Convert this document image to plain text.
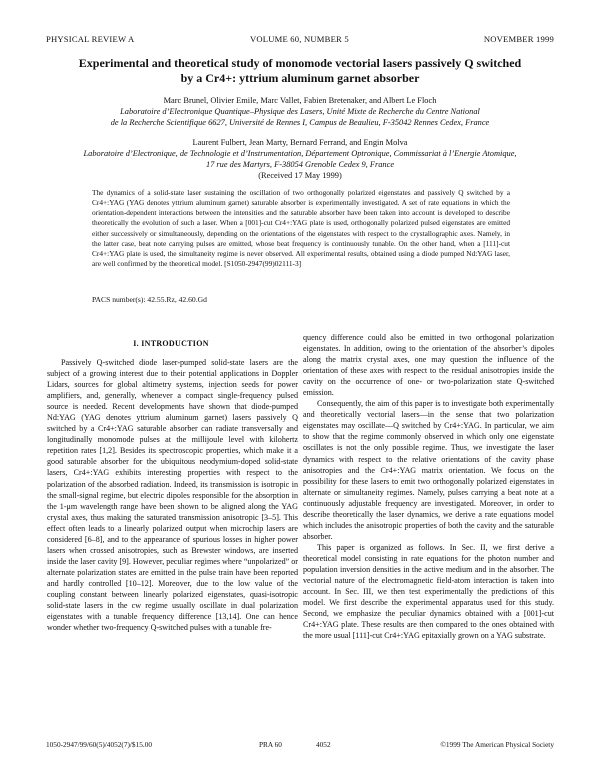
PHYSICAL REVIEW A	VOLUME 60, NUMBER 5	NOVEMBER 1999
Experimental and theoretical study of monomode vectorial lasers passively Q switched
by a Cr4+: yttrium aluminum garnet absorber
Marc Brunel, Olivier Emile, Marc Vallet, Fabien Bretenaker, and Albert Le Floch
Laboratoire d’Electronique Quantique–Physique des Lasers, Unité Mixte de Recherche du Centre National
de la Recherche Scientifique 6627, Université de Rennes I, Campus de Beaulieu, F-35042 Rennes Cedex, France
Laurent Fulbert, Jean Marty, Bernard Ferrand, and Engin Molva
Laboratoire d’Electronique, de Technologie et d’Instrumentation, Département Optronique, Commissariat à l’Energie Atomique,
17 rue des Martyrs, F-38054 Grenoble Cedex 9, France
(Received 17 May 1999)
The dynamics of a solid-state laser sustaining the oscillation of two orthogonally polarized eigenstates and passively Q switched by a Cr4+:YAG (YAG denotes yttrium aluminum garnet) saturable absorber is experimentally investigated. A set of rate equations in which the orientation-dependent interactions between the intensities and the saturable absorber have been taken into account is developed to describe theoretically the evolution of such a laser. When a [001]-cut Cr4+:YAG plate is used, orthogonally polarized pulsed eigenstates are emitted either successively or simultaneously, depending on the orientations of the eigenstates with respect to the crystallographic axes. Namely, in the latter case, beat note carrying pulses are emitted, whose beat frequency is continuously tunable. On the other hand, when a [111]-cut Cr4+:YAG plate is used, the simultaneity regime is never observed. All experimental results, obtained using a diode pumped Nd:YAG laser, are well confirmed by the theoretical model. [S1050-2947(99)02111-3]
PACS number(s): 42.55.Rz, 42.60.Gd
I. INTRODUCTION

Passively Q-switched diode laser-pumped solid-state lasers are the subject of a growing interest due to their potential applications in Doppler Lidars, sources for global altimetry systems, injection seeds for power amplifiers, and, generally, whenever a compact single-frequency pulsed source is needed. Recent developments have shown that diode-pumped Nd:YAG (YAG denotes yttrium aluminum garnet) lasers passively Q switched by a Cr4+:YAG saturable absorber can radiate transversally and longitudinally monomode pulses at the millijoule level with kilohertz repetition rates [1,2]. Besides its spectroscopic properties, which make it a good saturable absorber for the ubiquitous neodymium-doped solid-state lasers, Cr4+:YAG exhibits interesting properties with respect to the polarization of the absorbed radiation. Indeed, its transmission is isotropic in the small-signal regime, but electric dipoles responsible for the absorption in the 1-μm wavelength range have been shown to be aligned along the YAG crystal axes, thus making the saturated transmission anisotropic [3–5]. This effect often leads to a linearly polarized output when microchip lasers are considered [6–8], and to the appearance of spurious losses in higher power lasers when crossed anisotropies, such as Brewster windows, are inserted inside the laser cavity [9]. However, peculiar regimes where “unpolarized” or alternate polarization states are emitted in the pulse train have been reported and hardly controlled [10–12]. Moreover, due to the low value of the coupling constant between linearly polarized eigenstates, quasi-isotropic solid-state lasers in the cw regime usually oscillate in dual polarization eigenstates with a tunable frequency difference [13,14]. One can hence wonder whether two-frequency Q-switched pulses with a tunable fre-

quency difference could also be emitted in two orthogonal polarization eigenstates. In addition, owing to the orientation of the absorber’s dipoles along the matrix crystal axes, one may question the influence of the orientation of these axes with respect to the residual anisotropies inside the cavity on the occurrence of one- or two-polarization state Q-switched emission.

Consequently, the aim of this paper is to investigate both experimentally and theoretically vectorial lasers—in the sense that two polarization eigenstates may oscillate—Q switched by Cr4+:YAG. In particular, we aim to show that the regime commonly observed in which only one eigenstate oscillates is not the only possible regime. Thus, we investigate the laser dynamics with respect to the relative orientations of the cavity phase anisotropies and the Cr4+:YAG matrix orientation. We focus on the possibility for these lasers to emit two orthogonally polarized eigenstates in alternate or simultaneity regimes. Namely, pulses carrying a beat note at a continuously adjustable frequency are investigated. Moreover, in order to describe theoretically the laser dynamics, we derive a rate equations model which includes the anisotropic properties of both the cavity and the saturable absorber.

This paper is organized as follows. In Sec. II, we first derive a theoretical model consisting in rate equations for the photon number and population inversion densities in the active medium and in the absorber. The vectorial nature of the electromagnetic field-atom interaction is taken into account. In Sec. III, we then test experimentally the predictions of this model. We first describe the experimental apparatus used for this study. Second, we emphasize the peculiar dynamics obtained with a [001]-cut Cr4+:YAG plate. These results are then compared to the ones obtained with the more usual [111]-cut Cr4+:YAG epitaxially grown on a YAG substrate.

1050-2947/99/60(5)/4052(7)/$15.00	PRA 60	4052	©1999 The American Physical Society
